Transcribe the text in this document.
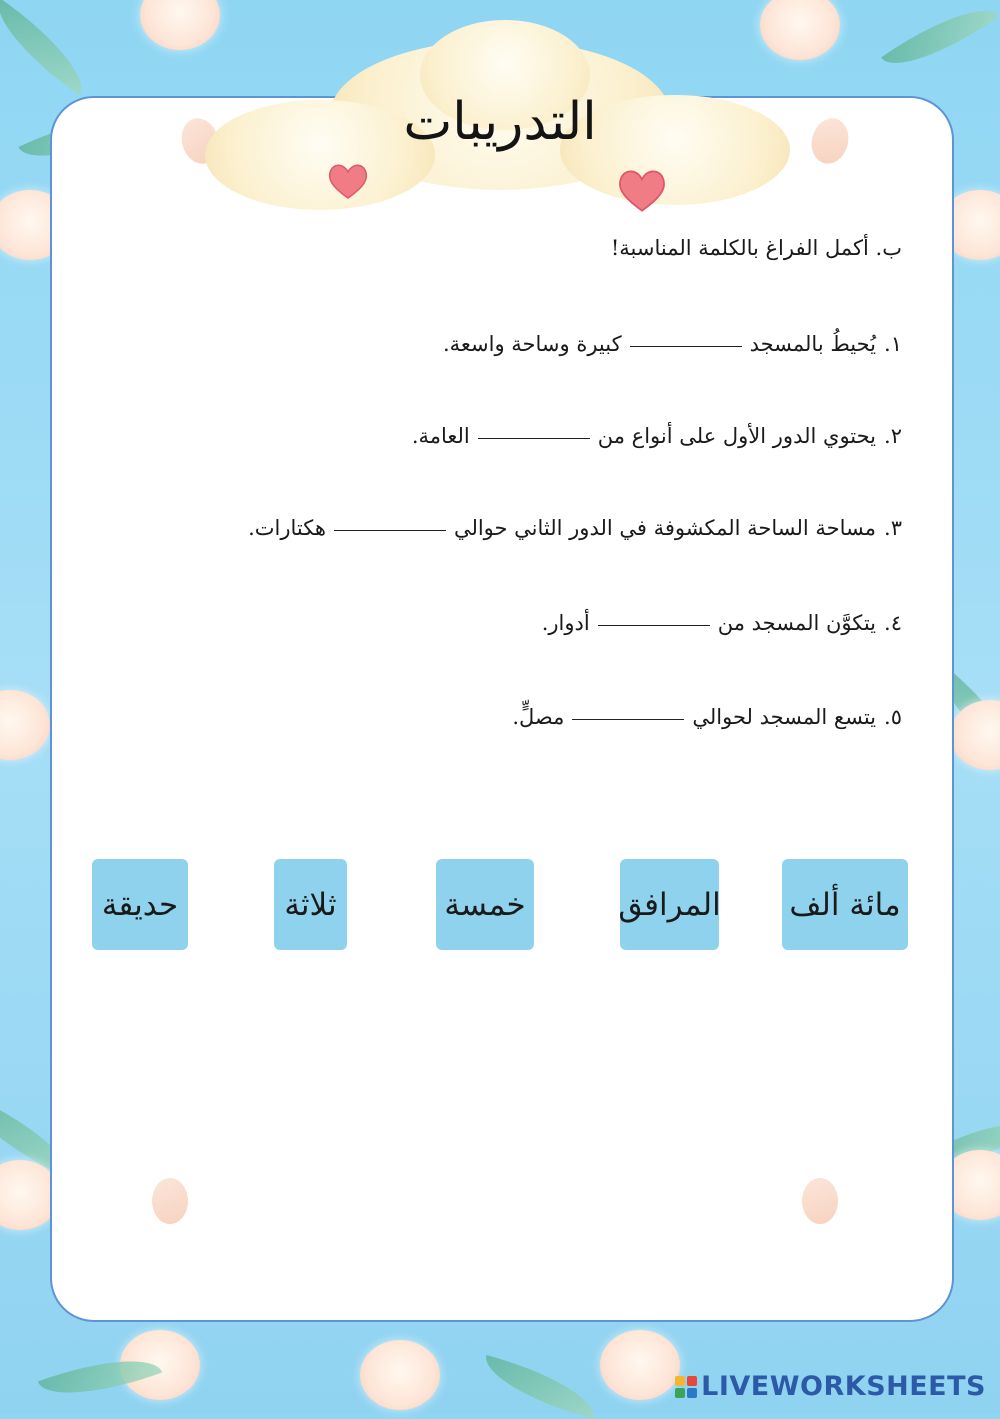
التدريبات
ب. أكمل الفراغ بالكلمة المناسبة!
١.يُحيطُ بالمسجدكبيرة وساحة واسعة.
٢.يحتوي الدور الأول على أنواع منالعامة.
٣.مساحة الساحة المكشوفة في الدور الثاني حواليهكتارات.
٤.يتكوَّن المسجد منأدوار.
٥.يتسع المسجد لحواليمصلٍّ.
مائة ألف
المرافق
خمسة
ثلاثة
حديقة
LIVEWORKSHEETS
